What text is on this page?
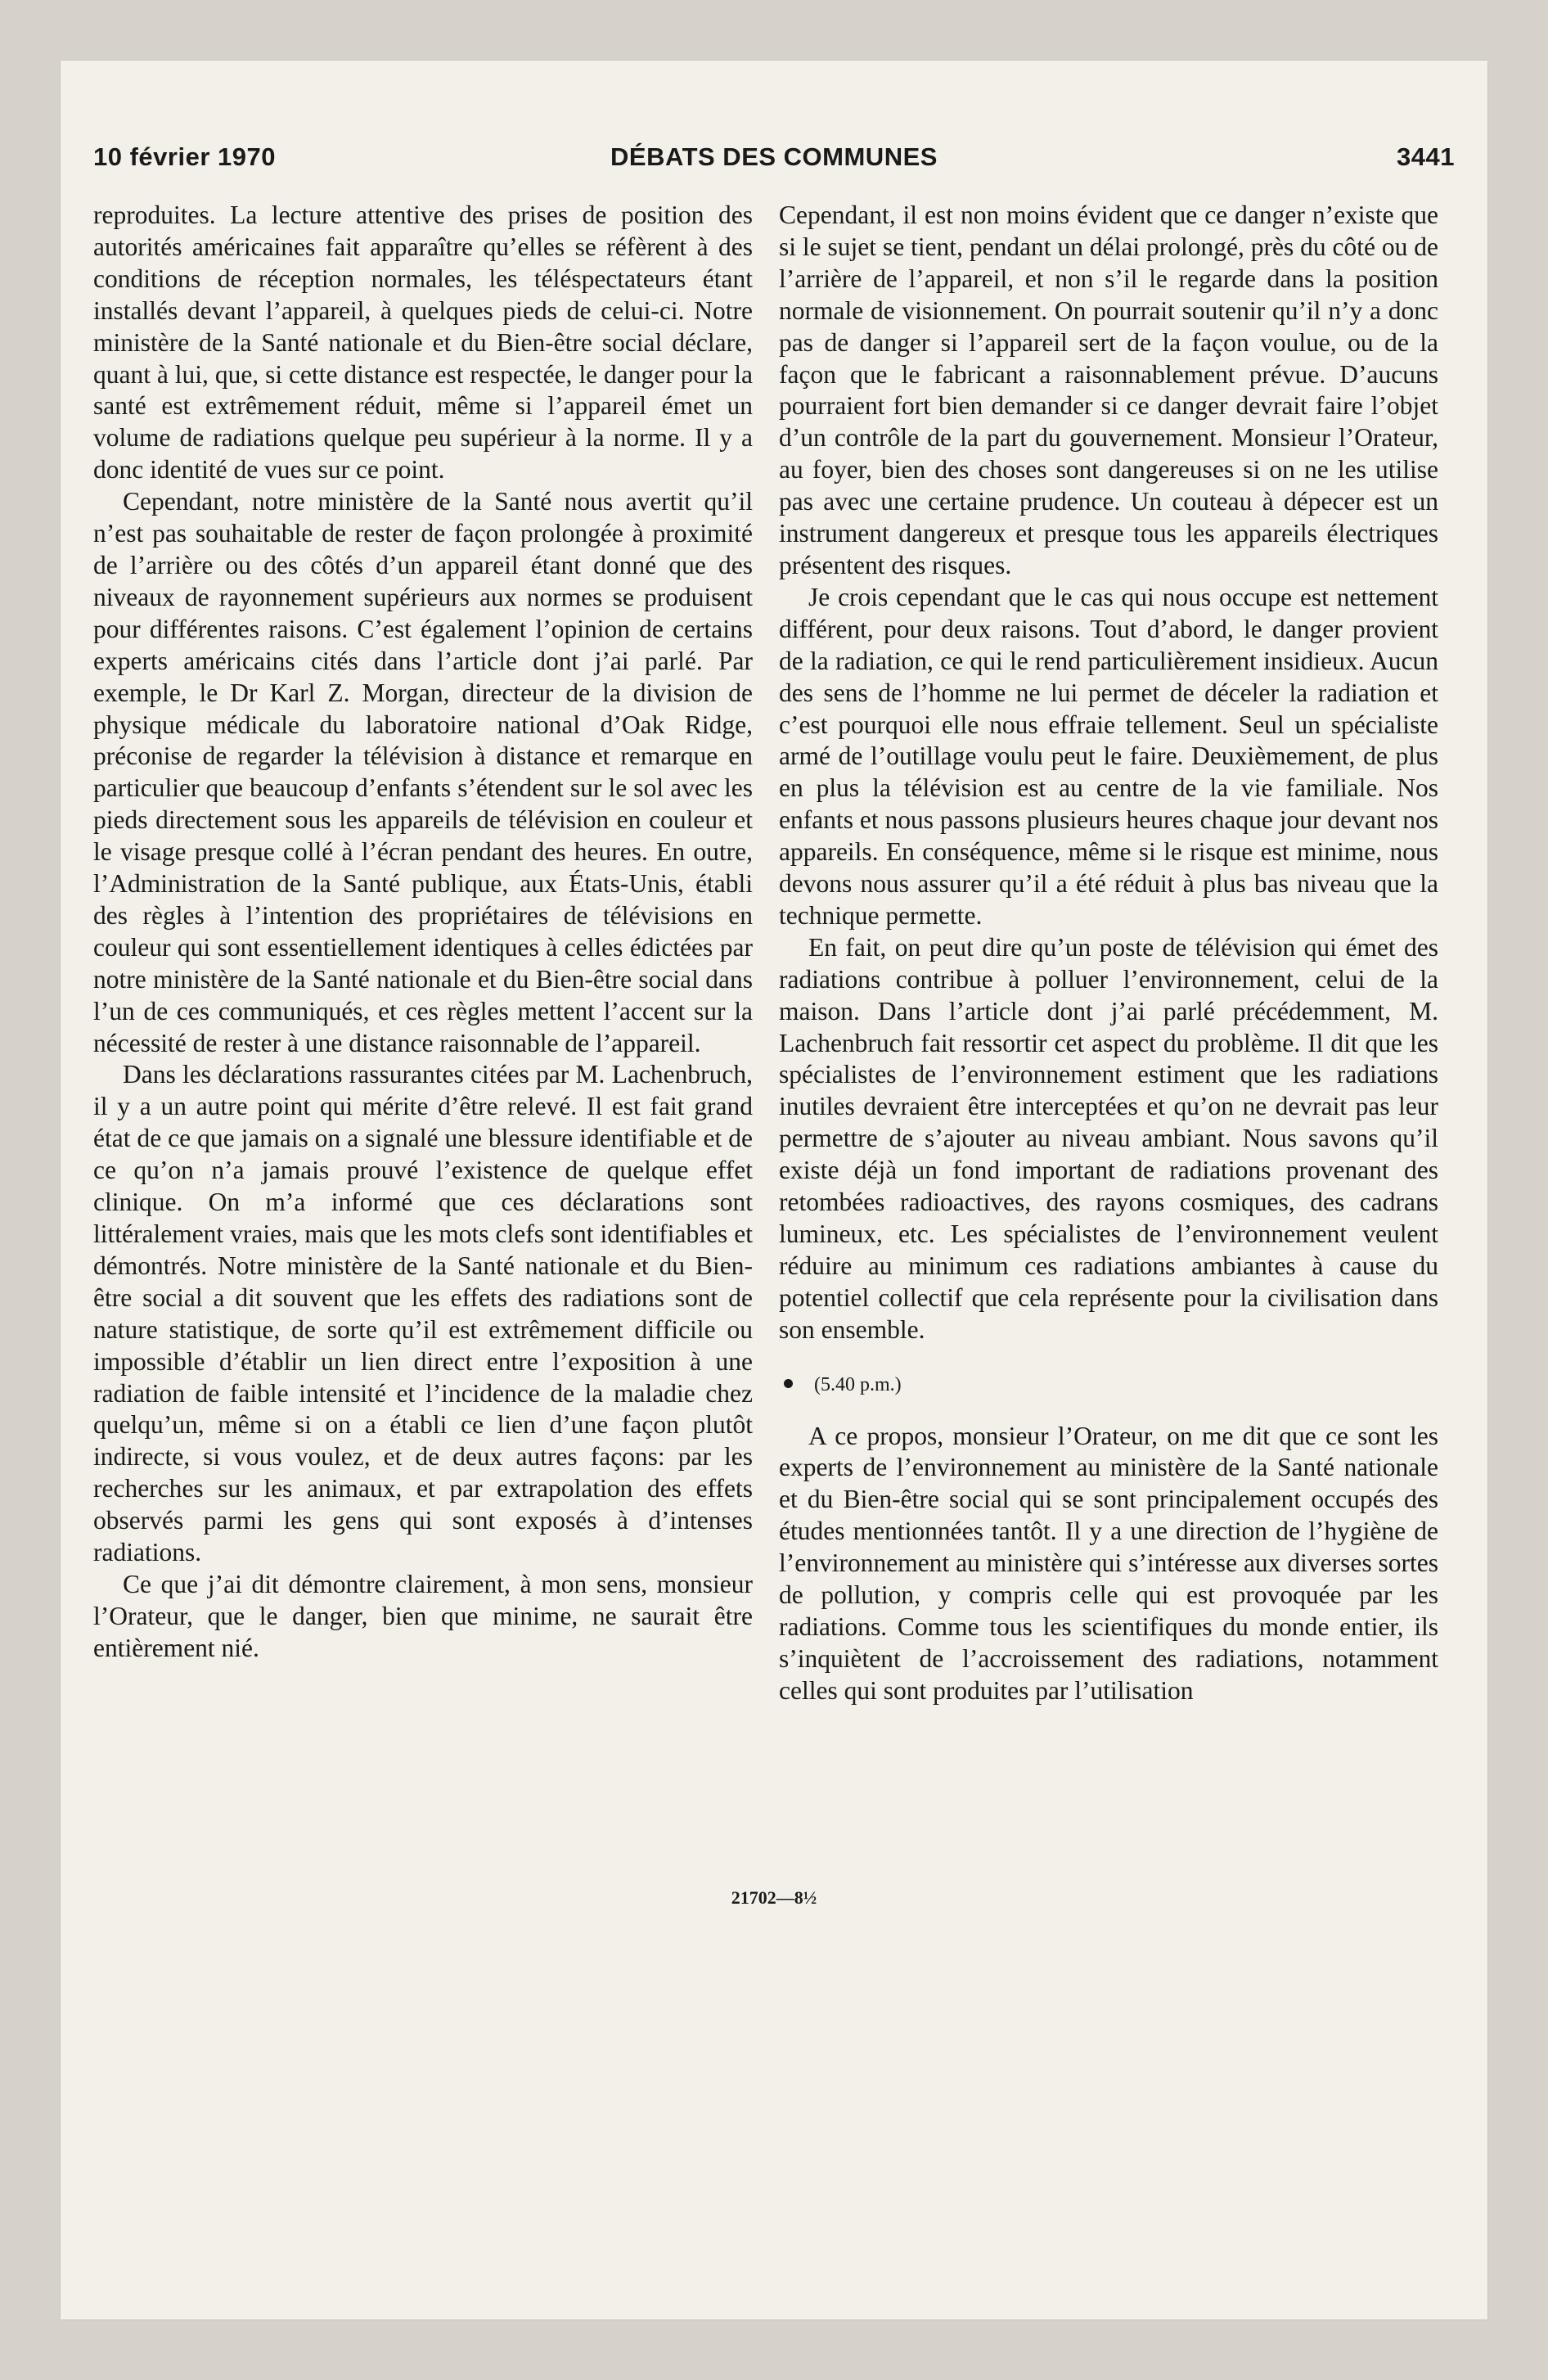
10 février 1970	DÉBATS DES COMMUNES	3441

reproduites. La lecture attentive des prises de position des autorités américaines fait apparaître qu’elles se réfèrent à des conditions de réception normales, les téléspectateurs étant installés devant l’appareil, à quelques pieds de celui-ci. Notre ministère de la Santé nationale et du Bien-être social déclare, quant à lui, que, si cette distance est respectée, le danger pour la santé est extrêmement réduit, même si l’appareil émet un volume de radiations quelque peu supérieur à la norme. Il y a donc identité de vues sur ce point.

Cependant, notre ministère de la Santé nous avertit qu’il n’est pas souhaitable de rester de façon prolongée à proximité de l’arrière ou des côtés d’un appareil étant donné que des niveaux de rayonnement supérieurs aux normes se produisent pour différentes raisons. C’est également l’opinion de certains experts américains cités dans l’article dont j’ai parlé. Par exemple, le Dr Karl Z. Morgan, directeur de la division de physique médicale du laboratoire national d’Oak Ridge, préconise de regarder la télévision à distance et remarque en particulier que beaucoup d’enfants s’étendent sur le sol avec les pieds directement sous les appareils de télévision en couleur et le visage presque collé à l’écran pendant des heures. En outre, l’Administration de la Santé publique, aux États-Unis, établi des règles à l’intention des propriétaires de télévisions en couleur qui sont essentiellement identiques à celles édictées par notre ministère de la Santé nationale et du Bien-être social dans l’un de ces communiqués, et ces règles mettent l’accent sur la nécessité de rester à une distance raisonnable de l’appareil.

Dans les déclarations rassurantes citées par M. Lachenbruch, il y a un autre point qui mérite d’être relevé. Il est fait grand état de ce que jamais on a signalé une blessure identifiable et de ce qu’on n’a jamais prouvé l’existence de quelque effet clinique. On m’a informé que ces déclarations sont littéralement vraies, mais que les mots clefs sont identifiables et démontrés. Notre ministère de la Santé nationale et du Bien-être social a dit souvent que les effets des radiations sont de nature statistique, de sorte qu’il est extrêmement difficile ou impossible d’établir un lien direct entre l’exposition à une radiation de faible intensité et l’incidence de la maladie chez quelqu’un, même si on a établi ce lien d’une façon plutôt indirecte, si vous voulez, et de deux autres façons: par les recherches sur les animaux, et par extrapolation des effets observés parmi les gens qui sont exposés à d’intenses radiations.

Ce que j’ai dit démontre clairement, à mon sens, monsieur l’Orateur, que le danger, bien que minime, ne saurait être entièrement nié.

Cependant, il est non moins évident que ce danger n’existe que si le sujet se tient, pendant un délai prolongé, près du côté ou de l’arrière de l’appareil, et non s’il le regarde dans la position normale de visionnement. On pourrait soutenir qu’il n’y a donc pas de danger si l’appareil sert de la façon voulue, ou de la façon que le fabricant a raisonnablement prévue. D’aucuns pourraient fort bien demander si ce danger devrait faire l’objet d’un contrôle de la part du gouvernement. Monsieur l’Orateur, au foyer, bien des choses sont dangereuses si on ne les utilise pas avec une certaine prudence. Un couteau à dépecer est un instrument dangereux et presque tous les appareils électriques présentent des risques.

Je crois cependant que le cas qui nous occupe est nettement différent, pour deux raisons. Tout d’abord, le danger provient de la radiation, ce qui le rend particulièrement insidieux. Aucun des sens de l’homme ne lui permet de déceler la radiation et c’est pourquoi elle nous effraie tellement. Seul un spécialiste armé de l’outillage voulu peut le faire. Deuxièmement, de plus en plus la télévision est au centre de la vie familiale. Nos enfants et nous passons plusieurs heures chaque jour devant nos appareils. En conséquence, même si le risque est minime, nous devons nous assurer qu’il a été réduit à plus bas niveau que la technique permette.

En fait, on peut dire qu’un poste de télévision qui émet des radiations contribue à polluer l’environnement, celui de la maison. Dans l’article dont j’ai parlé précédemment, M. Lachenbruch fait ressortir cet aspect du problème. Il dit que les spécialistes de l’environnement estiment que les radiations inutiles devraient être interceptées et qu’on ne devrait pas leur permettre de s’ajouter au niveau ambiant. Nous savons qu’il existe déjà un fond important de radiations provenant des retombées radioactives, des rayons cosmiques, des cadrans lumineux, etc. Les spécialistes de l’environnement veulent réduire au minimum ces radiations ambiantes à cause du potentiel collectif que cela représente pour la civilisation dans son ensemble.

(5.40 p.m.)

A ce propos, monsieur l’Orateur, on me dit que ce sont les experts de l’environnement au ministère de la Santé nationale et du Bien-être social qui se sont principalement occupés des études mentionnées tantôt. Il y a une direction de l’hygiène de l’environnement au ministère qui s’intéresse aux diverses sortes de pollution, y compris celle qui est provoquée par les radiations. Comme tous les scientifiques du monde entier, ils s’inquiètent de l’accroissement des radiations, notamment celles qui sont produites par l’utilisation

21702—8½
